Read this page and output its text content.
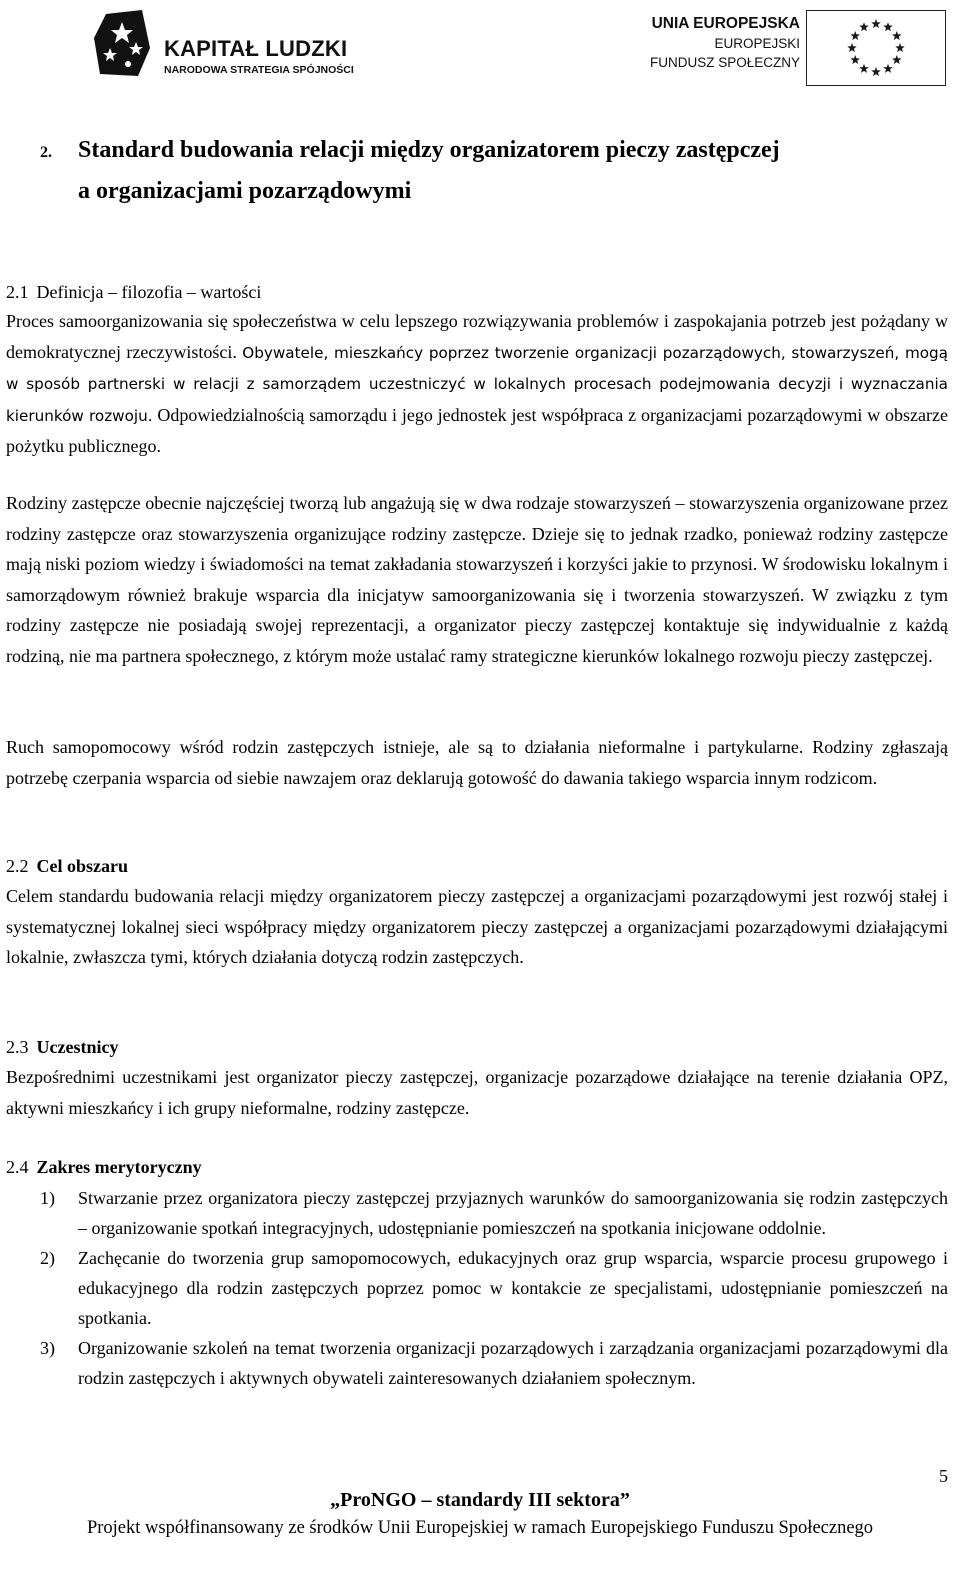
KAPITAŁ LUDZKI
NARODOWA STRATEGIA SPÓJNOŚCI
UNIA EUROPEJSKA
EUROPEJSKI
FUNDUSZ SPOŁECZNY
2. Standard budowania relacji między organizatorem pieczy zastępczej
a organizacjami pozarządowymi
2.1 Definicja – filozofia – wartości

Proces samoorganizowania się społeczeństwa w celu lepszego rozwiązywania problemów i zaspokajania potrzeb jest pożądany w demokratycznej rzeczywistości. Obywatele, mieszkańcy poprzez tworzenie organizacji pozarządowych, stowarzyszeń, mogą w sposób partnerski w relacji z samorządem uczestniczyć w lokalnych procesach podejmowania decyzji i wyznaczania kierunków rozwoju. Odpowiedzialnością samorządu i jego jednostek jest współpraca z organizacjami pozarządowymi w obszarze pożytku publicznego.

Rodziny zastępcze obecnie najczęściej tworzą lub angażują się w dwa rodzaje stowarzyszeń – stowarzyszenia organizowane przez rodziny zastępcze oraz stowarzyszenia organizujące rodziny zastępcze. Dzieje się to jednak rzadko, ponieważ rodziny zastępcze mają niski poziom wiedzy i świadomości na temat zakładania stowarzyszeń i korzyści jakie to przynosi. W środowisku lokalnym i samorządowym również brakuje wsparcia dla inicjatyw samoorganizowania się i tworzenia stowarzyszeń. W związku z tym rodziny zastępcze nie posiadają swojej reprezentacji, a organizator pieczy zastępczej kontaktuje się indywidualnie z każdą rodziną, nie ma partnera społecznego, z którym może ustalać ramy strategiczne kierunków lokalnego rozwoju pieczy zastępczej.

Ruch samopomocowy wśród rodzin zastępczych istnieje, ale są to działania nieformalne i partykularne. Rodziny zgłaszają potrzebę czerpania wsparcia od siebie nawzajem oraz deklarują gotowość do dawania takiego wsparcia innym rodzicom.

2.2 Cel obszaru

Celem standardu budowania relacji między organizatorem pieczy zastępczej a organizacjami pozarządowymi jest rozwój stałej i systematycznej lokalnej sieci współpracy między organizatorem pieczy zastępczej a organizacjami pozarządowymi działającymi lokalnie, zwłaszcza tymi, których działania dotyczą rodzin zastępczych.

2.3 Uczestnicy

Bezpośrednimi uczestnikami jest organizator pieczy zastępczej, organizacje pozarządowe działające na terenie działania OPZ, aktywni mieszkańcy i ich grupy nieformalne, rodziny zastępcze.

2.4 Zakres merytoryczny
1) Stwarzanie przez organizatora pieczy zastępczej przyjaznych warunków do samoorganizowania się rodzin zastępczych – organizowanie spotkań integracyjnych, udostępnianie pomieszczeń na spotkania inicjowane oddolnie.
2) Zachęcanie do tworzenia grup samopomocowych, edukacyjnych oraz grup wsparcia, wsparcie procesu grupowego i edukacyjnego dla rodzin zastępczych poprzez pomoc w kontakcie ze specjalistami, udostępnianie pomieszczeń na spotkania.
3) Organizowanie szkoleń na temat tworzenia organizacji pozarządowych i zarządzania organizacjami pozarządowymi dla rodzin zastępczych i aktywnych obywateli zainteresowanych działaniem społecznym.
5
„ProNGO – standardy III sektora”
Projekt współfinansowany ze środków Unii Europejskiej w ramach Europejskiego Funduszu Społecznego
